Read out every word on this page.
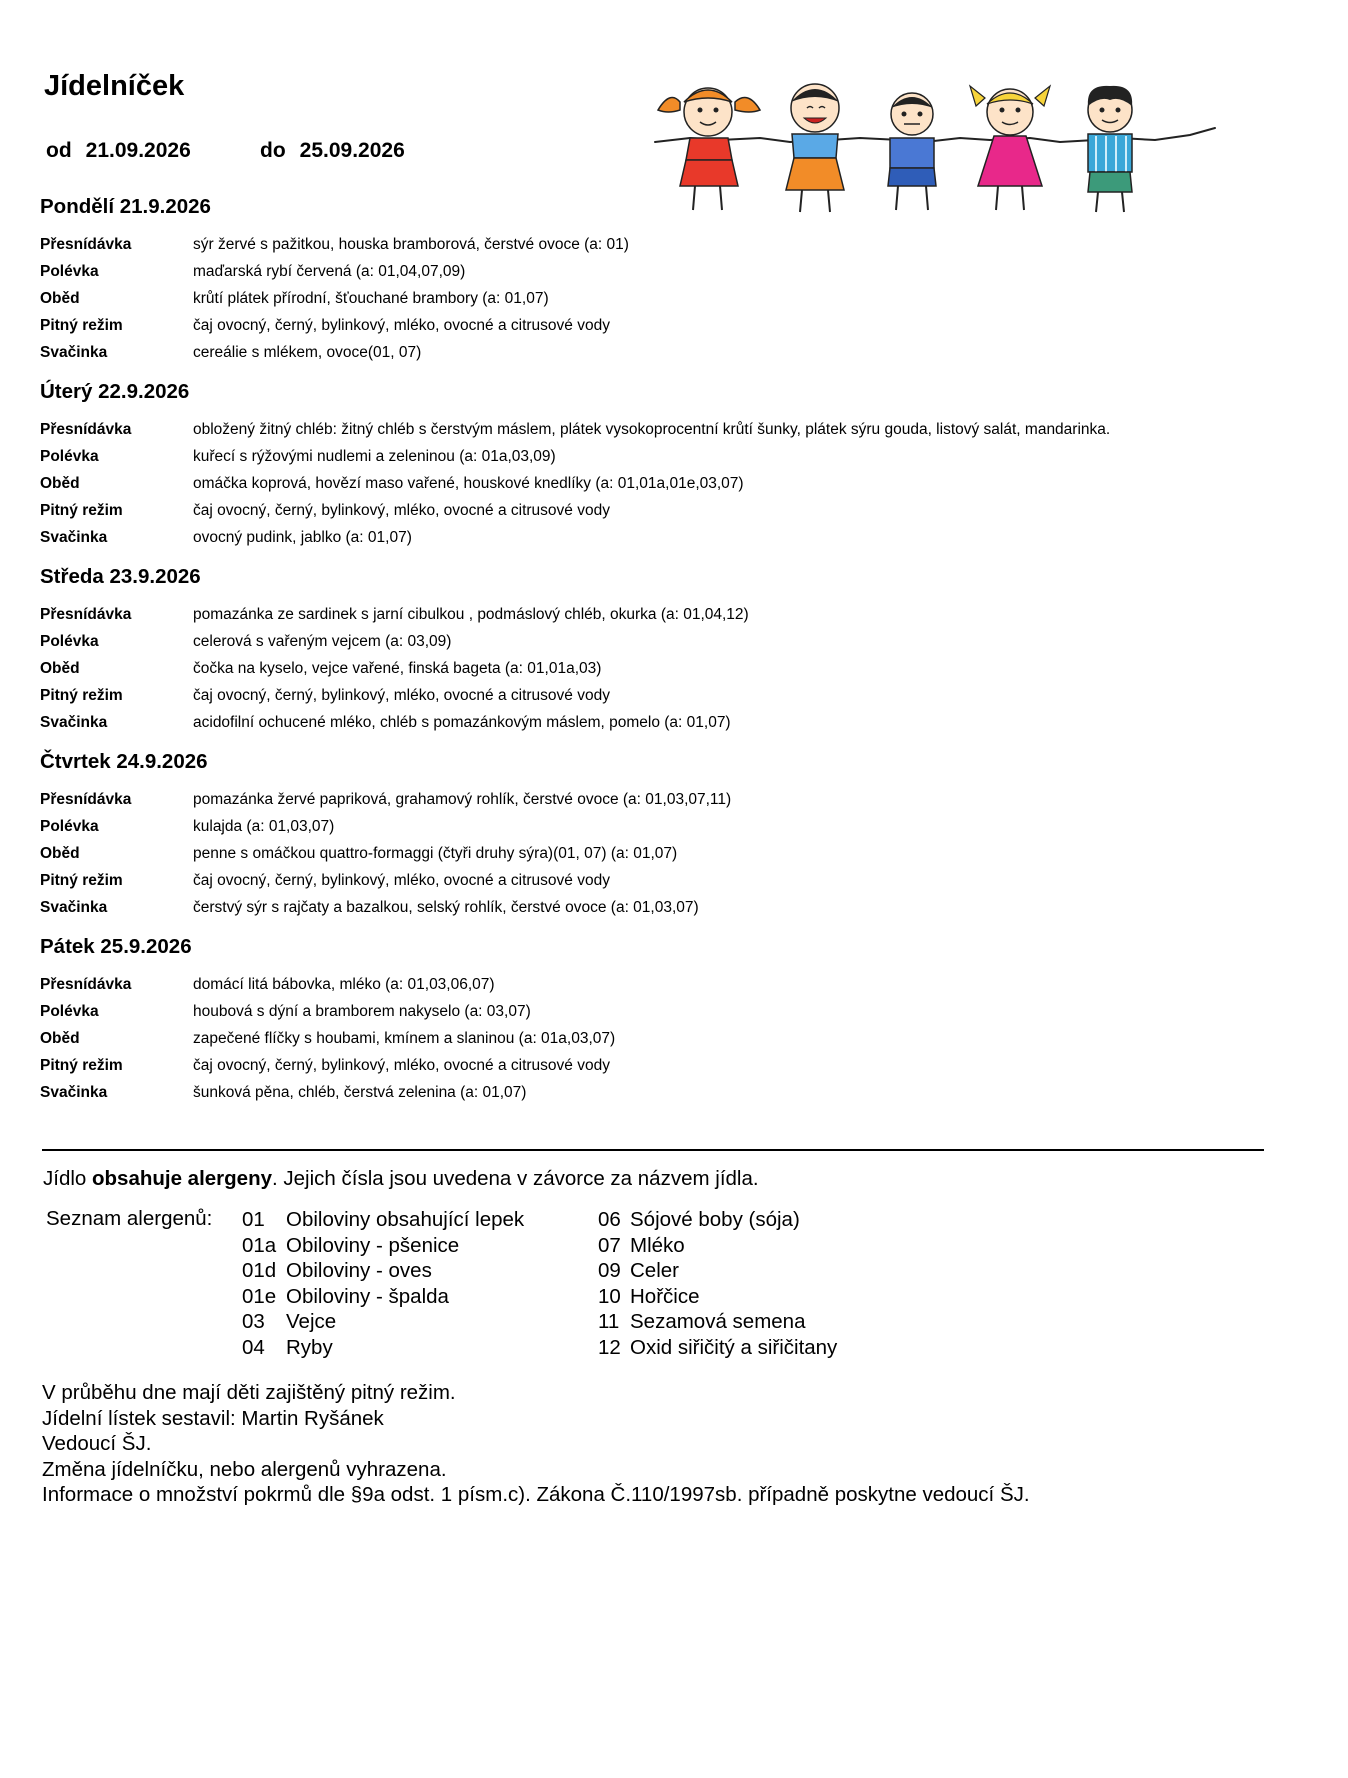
Jídelníček
od 21.09.2026	do 25.09.2026
Pondělí 21.9.2026
Přesnídávka	sýr žervé s pažitkou, houska bramborová, čerstvé ovoce (a: 01)
Polévka	maďarská rybí červená (a: 01,04,07,09)
Oběd	krůtí plátek přírodní, šťouchané brambory (a: 01,07)
Pitný režim	čaj ovocný, černý, bylinkový, mléko, ovocné a citrusové vody
Svačinka	cereálie s mlékem, ovoce(01, 07)
Úterý 22.9.2026
Přesnídávka	obložený žitný chléb: žitný chléb s čerstvým máslem, plátek vysokoprocentní krůtí šunky, plátek sýru gouda, listový salát, mandarinka.
Polévka	kuřecí s rýžovými nudlemi a zeleninou (a: 01a,03,09)
Oběd	omáčka koprová, hovězí maso vařené, houskové knedlíky (a: 01,01a,01e,03,07)
Pitný režim	čaj ovocný, černý, bylinkový, mléko, ovocné a citrusové vody
Svačinka	ovocný pudink, jablko (a: 01,07)
Středa 23.9.2026
Přesnídávka	pomazánka ze sardinek s jarní cibulkou , podmáslový chléb, okurka (a: 01,04,12)
Polévka	celerová s vařeným vejcem (a: 03,09)
Oběd	čočka na kyselo, vejce vařené, finská bageta (a: 01,01a,03)
Pitný režim	čaj ovocný, černý, bylinkový, mléko, ovocné a citrusové vody
Svačinka	acidofilní ochucené mléko, chléb s pomazánkovým máslem, pomelo (a: 01,07)
Čtvrtek 24.9.2026
Přesnídávka	pomazánka žervé papriková, grahamový rohlík, čerstvé ovoce (a: 01,03,07,11)
Polévka	kulajda (a: 01,03,07)
Oběd	penne s omáčkou quattro-formaggi (čtyři druhy sýra)(01, 07) (a: 01,07)
Pitný režim	čaj ovocný, černý, bylinkový, mléko, ovocné a citrusové vody
Svačinka	čerstvý sýr s rajčaty a bazalkou, selský rohlík, čerstvé ovoce (a: 01,03,07)
Pátek 25.9.2026
Přesnídávka	domácí litá bábovka, mléko (a: 01,03,06,07)
Polévka	houbová s dýní a bramborem nakyselo (a: 03,07)
Oběd	zapečené flíčky s houbami, kmínem a slaninou (a: 01a,03,07)
Pitný režim	čaj ovocný, černý, bylinkový, mléko, ovocné a citrusové vody
Svačinka	šunková pěna, chléb, čerstvá zelenina (a: 01,07)
Jídlo obsahuje alergeny. Jejich čísla jsou uvedena v závorce za názvem jídla.
Seznam alergenů: 01	Obiloviny obsahující lepek
01a Obiloviny - pšenice
01d Obiloviny - oves
01e Obiloviny - špalda
03	Vejce
04	Ryby
06 Sójové boby (sója)
07 Mléko
09 Celer
10 Hořčice
11 Sezamová semena
12 Oxid siřičitý a siřičitany
V průběhu dne mají děti zajištěný pitný režim.
Jídelní lístek sestavil: Martin Ryšánek
Vedoucí ŠJ.
Změna jídelníčku, nebo alergenů vyhrazena.
Informace o množství pokrmů dle §9a odst. 1 písm.c). Zákona Č.110/1997sb. případně poskytne vedoucí ŠJ.
